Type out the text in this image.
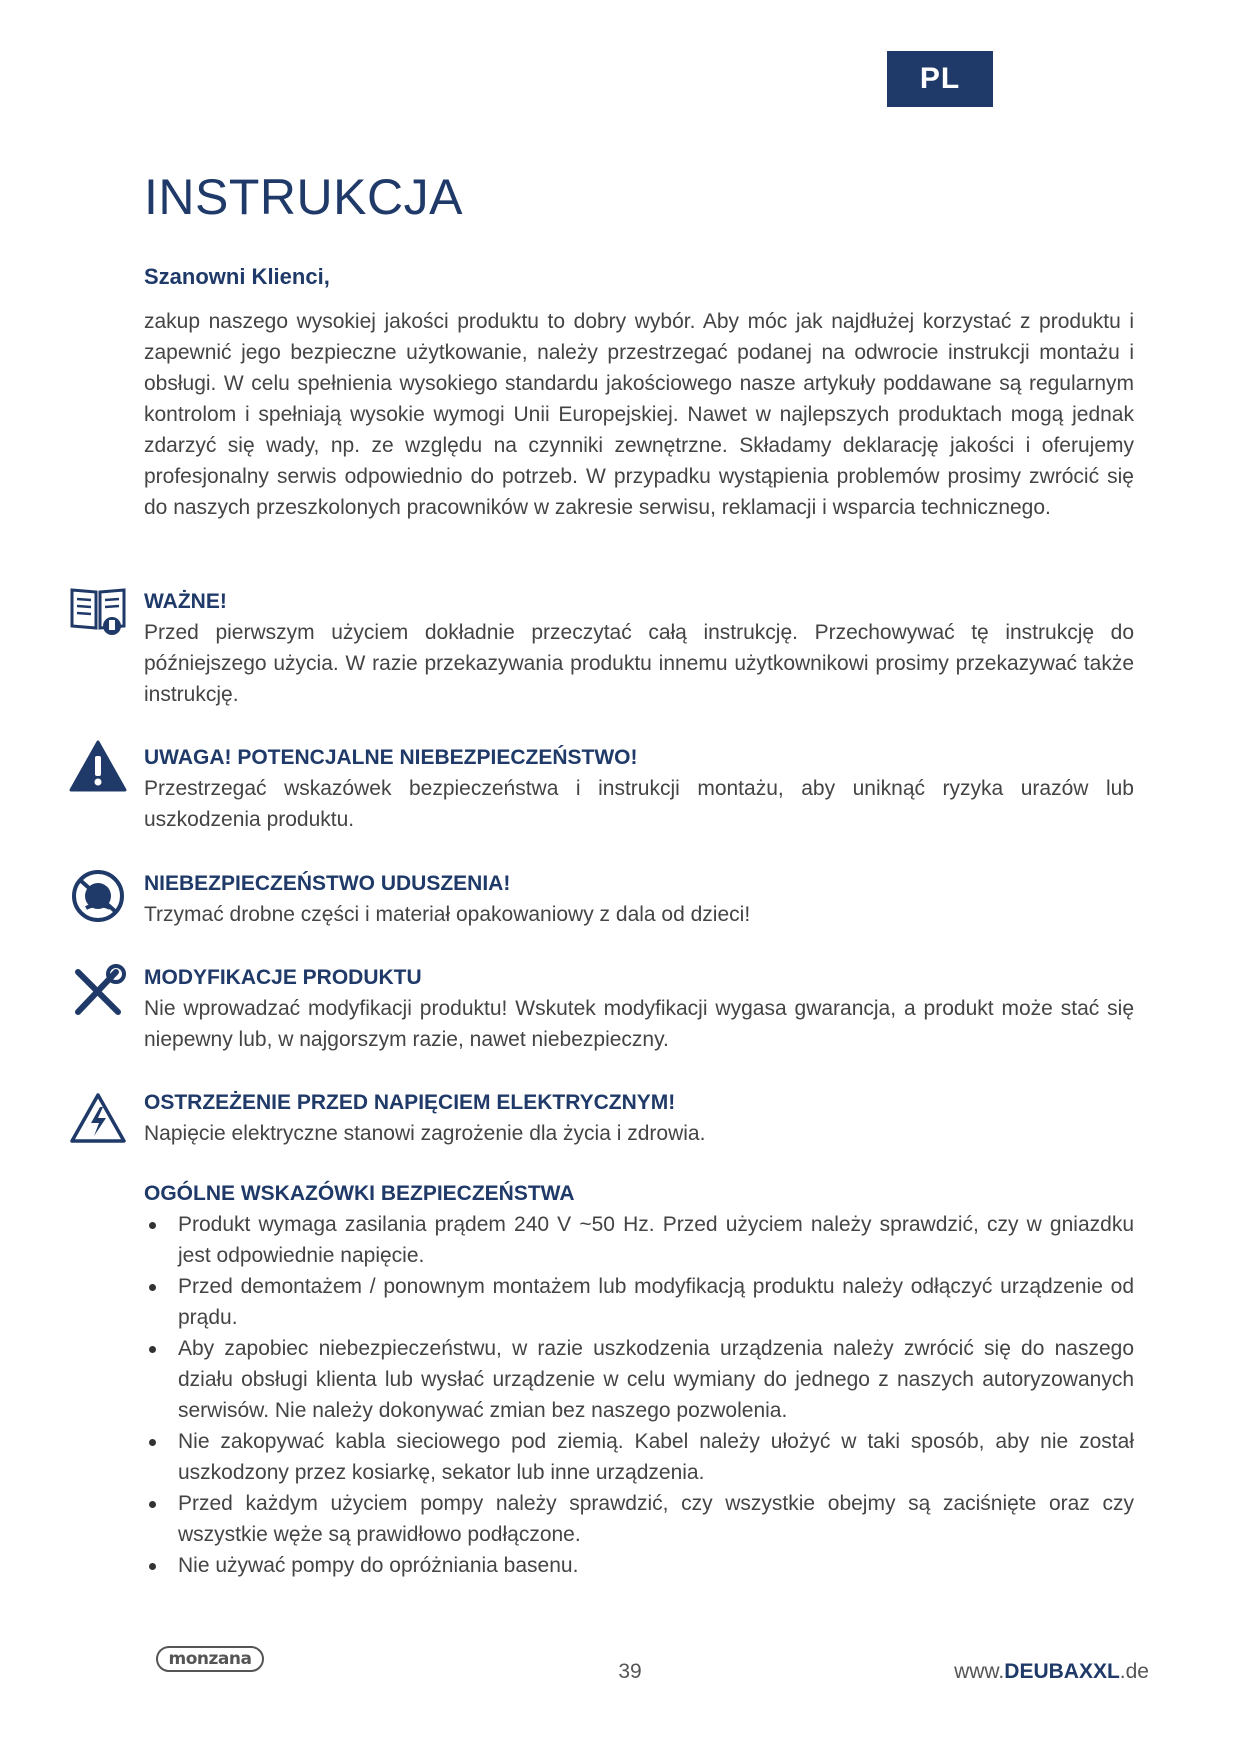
PL
INSTRUKCJA
Szanowni Klienci,

zakup naszego wysokiej jakości produktu to dobry wybór. Aby móc jak najdłużej korzystać z produktu i zapewnić jego bezpieczne użytkowanie, należy przestrzegać podanej na odwrocie instrukcji montażu i obsługi. W celu spełnienia wysokiego standardu jakościowego nasze artykuły poddawane są regularnym kontrolom i spełniają wysokie wymogi Unii Europejskiej. Nawet w najlepszych produktach mogą jednak zdarzyć się wady, np. ze względu na czynniki zewnętrzne. Składamy deklarację jakości i oferujemy profesjonalny serwis odpowiednio do potrzeb. W przypadku wystąpienia problemów prosimy zwrócić się do naszych przeszkolonych pracowników w zakresie serwisu, reklamacji i wsparcia technicznego.

WAŻNE!
Przed pierwszym użyciem dokładnie przeczytać całą instrukcję. Przechowywać tę instrukcję do późniejszego użycia. W razie przekazywania produktu innemu użytkownikowi prosimy przekazywać także instrukcję.
UWAGA! POTENCJALNE NIEBEZPIECZEŃSTWO!
Przestrzegać wskazówek bezpieczeństwa i instrukcji montażu, aby uniknąć ryzyka urazów lub uszkodzenia produktu.
NIEBEZPIECZEŃSTWO UDUSZENIA!
Trzymać drobne części i materiał opakowaniowy z dala od dzieci!
MODYFIKACJE PRODUKTU
Nie wprowadzać modyfikacji produktu! Wskutek modyfikacji wygasa gwarancja, a produkt może stać się niepewny lub, w najgorszym razie, nawet niebezpieczny.
OSTRZEŻENIE PRZED NAPIĘCIEM ELEKTRYCZNYM!
Napięcie elektryczne stanowi zagrożenie dla życia i zdrowia.
OGÓLNE WSKAZÓWKI BEZPIECZEŃSTWA
Produkt wymaga zasilania prądem 240 V ~50 Hz. Przed użyciem należy sprawdzić, czy w gniazdku jest odpowiednie napięcie.
Przed demontażem / ponownym montażem lub modyfikacją produktu należy odłączyć urządzenie od prądu.
Aby zapobiec niebezpieczeństwu, w razie uszkodzenia urządzenia należy zwrócić się do naszego działu obsługi klienta lub wysłać urządzenie w celu wymiany do jednego z naszych autoryzowanych serwisów. Nie należy dokonywać zmian bez naszego pozwolenia.
Nie zakopywać kabla sieciowego pod ziemią. Kabel należy ułożyć w taki sposób, aby nie został uszkodzony przez kosiarkę, sekator lub inne urządzenia.
Przed każdym użyciem pompy należy sprawdzić, czy wszystkie obejmy są zaciśnięte oraz czy wszystkie węże są prawidłowo podłączone.
Nie używać pompy do opróżniania basenu.
monzana
39	www.DEUBAXXL.de
